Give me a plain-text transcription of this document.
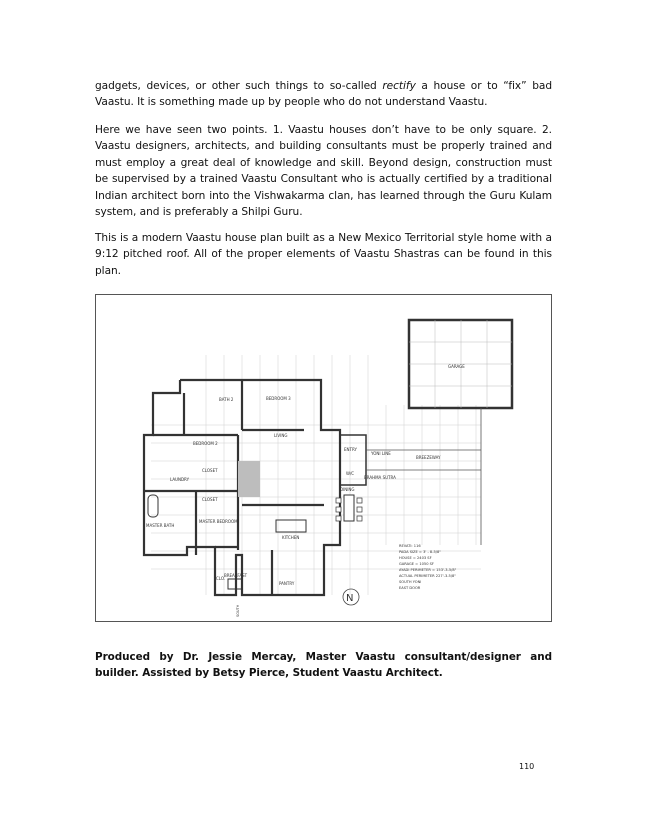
gadgets, devices, or other such things to so-called rectify a house or to “fix” bad Vaastu. It is something made up by people who do not understand Vaastu.

Here we have seen two points. 1. Vaastu houses don’t have to be only square. 2. Vaastu designers, architects, and building consultants must be properly trained and must employ a great deal of knowledge and skill. Beyond design, construction must be supervised by a trained Vaastu Consultant who is actually certified by a traditional Indian architect born into the Vishwakarma clan, has learned through the Guru Kulam system, and is preferably a Shilpi Guru.

This is a modern Vaastu house plan built as a New Mexico Territorial style home with a 9:12 pitched roof. All of the proper elements of Vaastu Shastras can be found in this plan.

GARAGE
BEDROOM 3
BATH 2
BEDROOM 2
LIVING
ENTRY
BREEZEWAY
CLOSET
CLOSET
LAUNDRY
MASTER BATH
MASTER BEDROOM
KITCHEN
BREAKFAST
PANTRY
DINING
BRAHMA SUTRA
YONI LINE
W/C
CLO.
REVATI: 116
PADA SIZE = 3' - 8-5/8"
HOUSE = 2403 SF
GARAGE = 1050 SF
AYADI PERIMETER = 153'-3-5/8"
ACTUAL PERIMETER 227'-3-5/8"
SOUTH YONI
EAST DOOR
N
SOUTH

Produced by Dr. Jessie Mercay, Master Vaastu consultant/designer and builder. Assisted by Betsy Pierce, Student Vaastu Architect.

110
